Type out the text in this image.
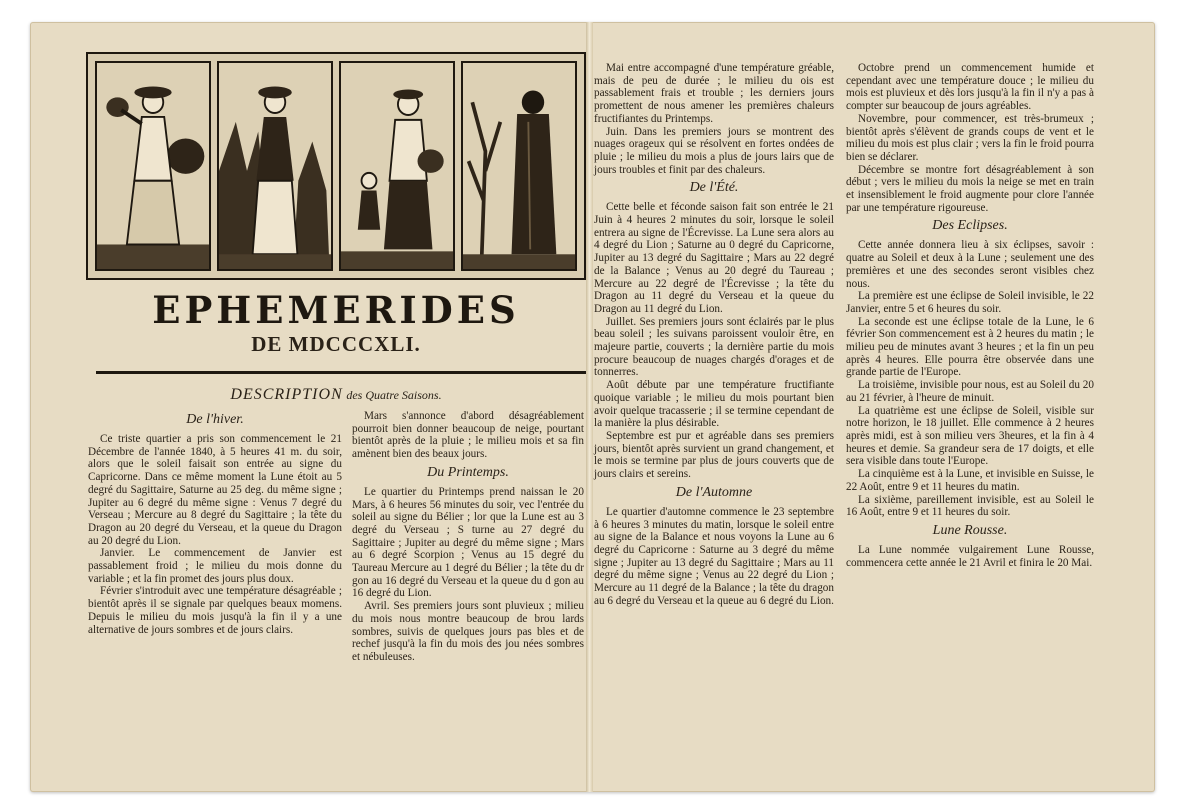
EPHEMERIDES
DE MDCCCXLI.
DESCRIPTION des Quatre Saisons.
De l'hiver.

Ce triste quartier a pris son commencement le 21 Décembre de l'année 1840, à 5 heures 41 m. du soir, alors que le soleil faisait son entrée au signe du Capricorne. Dans ce même moment la Lune étoit au 5 degré du Sagittaire, Saturne au 25 deg. du même signe ; Jupiter au 6 degré du même signe : Venus 7 degré du Verseau ; Mercure au 8 degré du Sagittaire ; la tête du Dragon au 20 degré du Verseau, et la queue du Dragon au 20 degré du Lion.

Janvier. Le commencement de Janvier est passablement froid ; le milieu du mois donne du variable ; et la fin promet des jours plus doux.

Février s'introduit avec une température désagréable ; bientôt après il se signale par quelques beaux momens. Depuis le milieu du mois jusqu'à la fin il y a une alternative de jours sombres et de jours clairs.

Mars s'annonce d'abord désagréablement pourroit bien donner beaucoup de neige, pourtant bientôt après de la pluie ; le milieu mois et sa fin amènent bien des beaux jours.

Du Printemps.

Le quartier du Printemps prend naissan le 20 Mars, à 6 heures 56 minutes du soir, vec l'entrée du soleil au signe du Bélier ; lor que la Lune est au 3 degré du Verseau ; S turne au 27 degré du Sagittaire ; Jupiter au degré du même signe ; Mars au 6 degré Scorpion ; Venus au 15 degré du Taureau Mercure au 1 degré du Bélier ; la tête du dr gon au 16 degré du Verseau et la queue du d gon au 16 degré du Lion.

Avril. Ses premiers jours sont pluvieux ; milieu du mois nous montre beaucoup de brou lards sombres, suivis de quelques jours pas bles et de rechef jusqu'à la fin du mois des jou nées sombres et nébuleuses.

Mai entre accompagné d'une température gréable, mais de peu de durée ; le milieu du ois est passablement frais et trouble ; les derniers jours promettent de nous amener les premières chaleurs fructifiantes du Printemps.

Juin. Dans les premiers jours se montrent des nuages orageux qui se résolvent en fortes ondées de pluie ; le milieu du mois a plus de jours lairs que de jours troubles et finit par des chaleurs.

De l'Été.

Cette belle et féconde saison fait son entrée le 21 Juin à 4 heures 2 minutes du soir, lorsque le soleil entrera au signe de l'Écrevisse. La Lune sera alors au 4 degré du Lion ; Saturne au 0 degré du Capricorne, Jupiter au 13 degré du Sagittaire ; Mars au 22 degré de la Balance ; Venus au 20 degré du Taureau ; Mercure au 22 degré de l'Écrevisse ; la tête du Dragon au 11 degré du Verseau et la queue du Dragon au 11 degré du Lion.

Juillet. Ses premiers jours sont éclairés par le plus beau soleil ; les suivans paroissent vouloir être, en majeure partie, couverts ; la dernière partie du mois procure beaucoup de nuages chargés d'orages et de tonnerres.

Août débute par une température fructifiante quoique variable ; le milieu du mois pourtant bien avoir quelque tracasserie ; il se termine cependant de la manière la plus désirable.

Septembre est pur et agréable dans ses premiers jours, bientôt après survient un grand changement, et le mois se termine par plus de jours couverts que de jours clairs et sereins.

De l'Automne

Le quartier d'automne commence le 23 septembre à 6 heures 3 minutes du matin, lorsque le soleil entre au signe de la Balance et nous voyons la Lune au 6 degré du Capricorne : Saturne au 3 degré du même signe ; Jupiter au 13 degré du Sagittaire ; Mars au 11 degré du même signe ; Venus au 22 degré du Lion ; Mercure au 11 degré de la Balance ; la tête du dragon au 6 degré du Verseau et la queue au 6 degré du Lion.

Octobre prend un commencement humide et cependant avec une température douce ; le milieu du mois est pluvieux et dès lors jusqu'à la fin il n'y a pas à compter sur beaucoup de jours agréables.

Novembre, pour commencer, est très-brumeux ; bientôt après s'élèvent de grands coups de vent et le milieu du mois est plus clair ; vers la fin le froid pourra bien se déclarer.

Décembre se montre fort désagréablement à son début ; vers le milieu du mois la neige se met en train et insensiblement le froid augmente pour clore l'année par une température rigoureuse.

Des Eclipses.

Cette année donnera lieu à six éclipses, savoir : quatre au Soleil et deux à la Lune ; seulement une des premières et une des secondes seront visibles chez nous.

La première est une éclipse de Soleil invisible, le 22 Janvier, entre 5 et 6 heures du soir.

La seconde est une éclipse totale de la Lune, le 6 février Son commencement est à 2 heures du matin ; le milieu peu de minutes avant 3 heures ; et la fin un peu après 4 heures. Elle pourra être observée dans une grande partie de l'Europe.

La troisième, invisible pour nous, est au Soleil du 20 au 21 février, à l'heure de minuit.

La quatrième est une éclipse de Soleil, visible sur notre horizon, le 18 juillet. Elle commence à 2 heures après midi, est à son milieu vers 3heures, et la fin à 4 heures et demie. Sa grandeur sera de 17 doigts, et elle sera visible dans toute l'Europe.

La cinquième est à la Lune, et invisible en Suisse, le 22 Août, entre 9 et 11 heures du matin.

La sixième, pareillement invisible, est au Soleil le 16 Août, entre 9 et 11 heures du soir.

Lune Rousse.

La Lune nommée vulgairement Lune Rousse, commencera cette année le 21 Avril et finira le 20 Mai.
